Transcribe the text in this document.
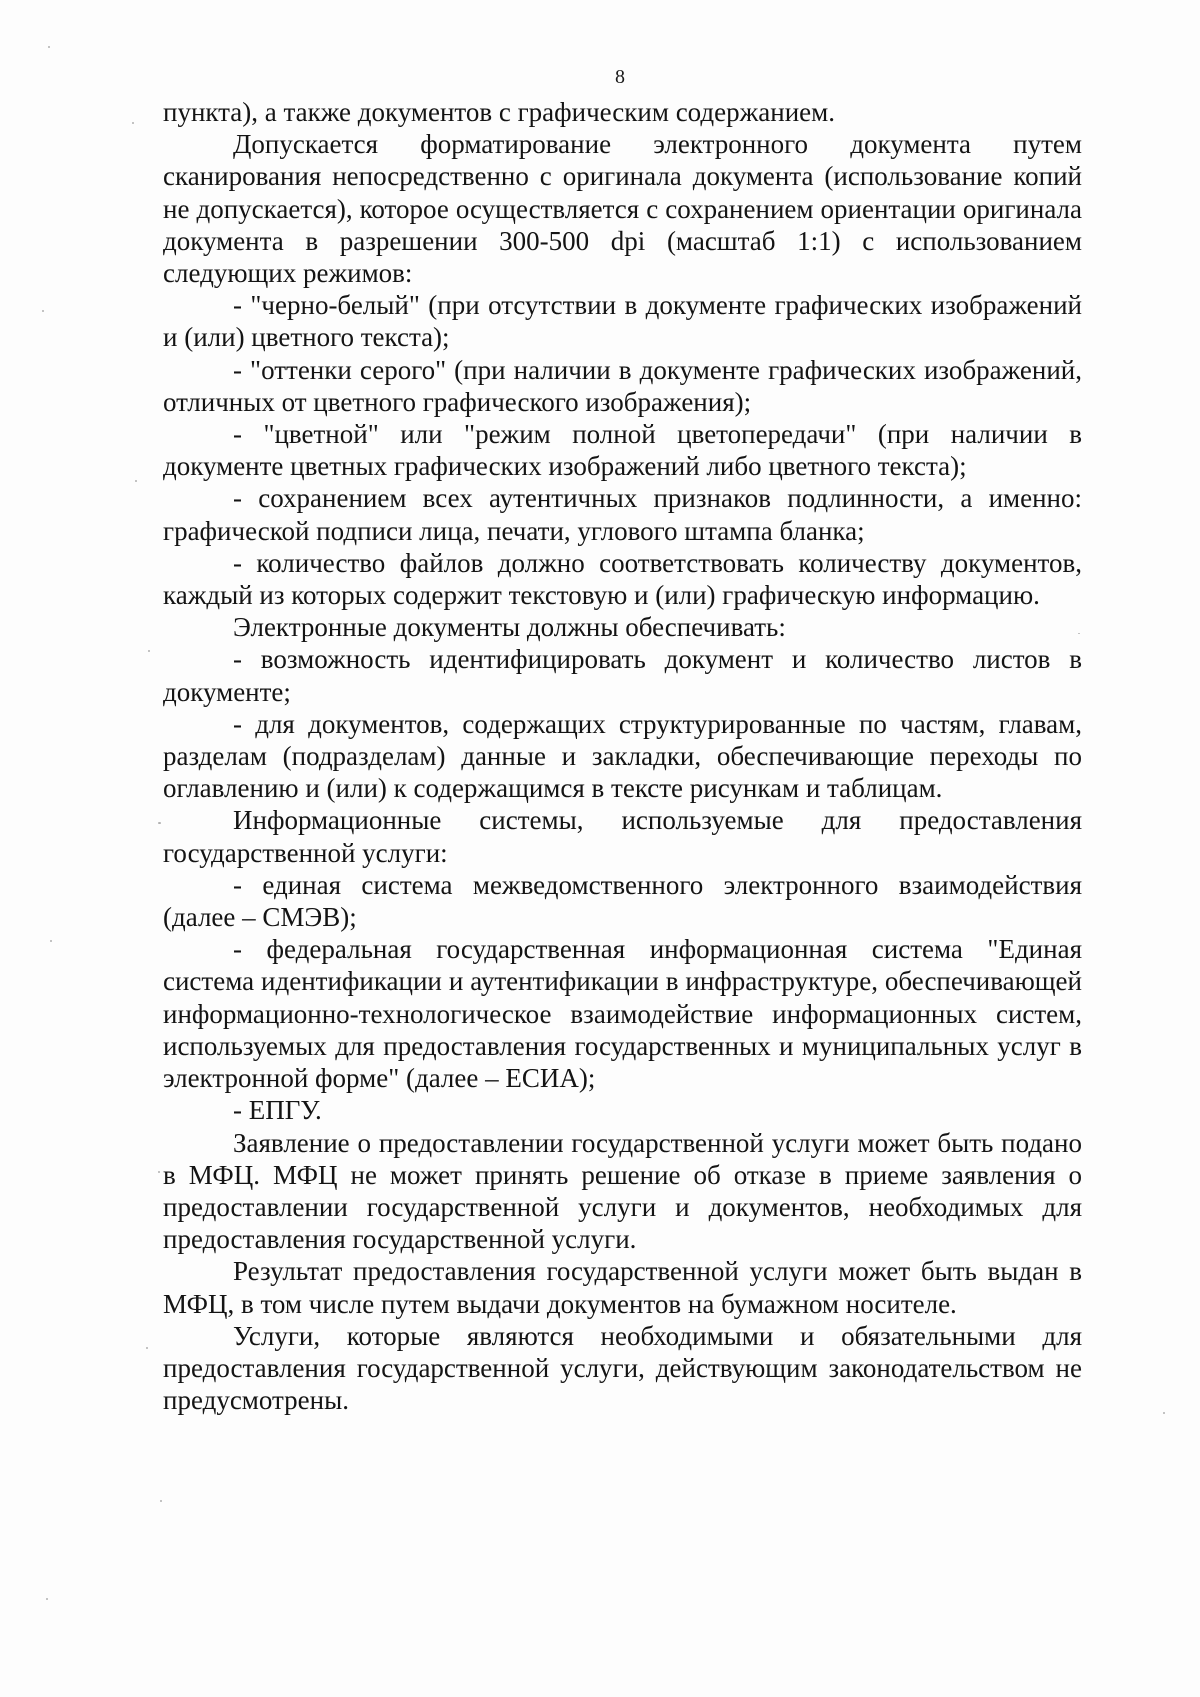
8

пункта), а также документов с графическим содержанием.

Допускается форматирование электронного документа путем сканирования непосредственно с оригинала документа (использование копий не допускается), которое осуществляется с сохранением ориентации оригинала документа в разрешении 300-500 dpi (масштаб 1:1) с использованием следующих режимов:

- "черно-белый" (при отсутствии в документе графических изображений и (или) цветного текста);

- "оттенки серого" (при наличии в документе графических изображений, отличных от цветного графического изображения);

- "цветной" или "режим полной цветопередачи" (при наличии в документе цветных графических изображений либо цветного текста);

- сохранением всех аутентичных признаков подлинности, а именно: графической подписи лица, печати, углового штампа бланка;

- количество файлов должно соответствовать количеству документов, каждый из которых содержит текстовую и (или) графическую информацию.

Электронные документы должны обеспечивать:

- возможность идентифицировать документ и количество листов в документе;

- для документов, содержащих структурированные по частям, главам, разделам (подразделам) данные и закладки, обеспечивающие переходы по оглавлению и (или) к содержащимся в тексте рисункам и таблицам.

Информационные системы, используемые для предоставления государственной услуги:

- единая система межведомственного электронного взаимодействия (далее – СМЭВ);

- федеральная государственная информационная система "Единая система идентификации и аутентификации в инфраструктуре, обеспечивающей информационно-технологическое взаимодействие информационных систем, используемых для предоставления государственных и муниципальных услуг в электронной форме" (далее – ЕСИА);

- ЕПГУ.

Заявление о предоставлении государственной услуги может быть подано в МФЦ. МФЦ не может принять решение об отказе в приеме заявления о предоставлении государственной услуги и документов, необходимых для предоставления государственной услуги.

Результат предоставления государственной услуги может быть выдан в МФЦ, в том числе путем выдачи документов на бумажном носителе.

Услуги, которые являются необходимыми и обязательными для предоставления государственной услуги, действующим законодательством не предусмотрены.
